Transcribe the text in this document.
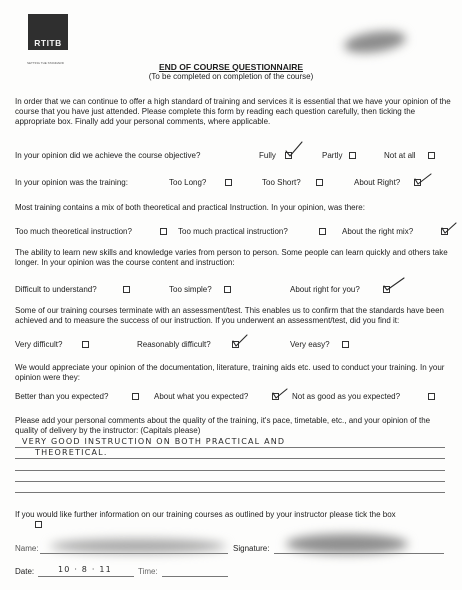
RTITB
SETTING THE STANDARD	END OF COURSE QUESTIONNAIRE
(To be completed on completion of the course)
In order that we can continue to offer a high standard of training and services it is essential that we have your opinion of the course that you have just attended. Please complete this form by reading each question carefully, then ticking the appropriate box. Finally add your personal comments, where applicable.
In your opinion did we achieve the course objective?	Fully	Partly	Not at all
In your opinion was the training:	Too Long?	Too Short?	About Right?
Most training contains a mix of both theoretical and practical Instruction. In your opinion, was there:
Too much theoretical instruction?	Too much practical instruction?	About the right mix?
The ability to learn new skills and knowledge varies from person to person. Some people can learn quickly and others take longer. In your opinion was the course content and instruction:
Difficult to understand?	Too simple?	About right for you?
Some of our training courses terminate with an assessment/test. This enables us to confirm that the standards have been achieved and to measure the success of our instruction. If you underwent an assessment/test, did you find it:
Very difficult?	Reasonably difficult?	Very easy?
We would appreciate your opinion of the documentation, literature, training aids etc. used to conduct your training. In your opinion were they:
Better than you expected?	About what you expected?	Not as good as you expected?
Please add your personal comments about the quality of the training, it's pace, timetable, etc., and your opinion of the quality of delivery by the instructor: (Capitals please)
VERY GOOD INSTRUCTION ON BOTH PRACTICAL AND
THEORETICAL.
If you would like further information on our training courses as outlined by your instructor please tick the box
Name:	Signature:
Date:	10 · 8 · 11	Time:
